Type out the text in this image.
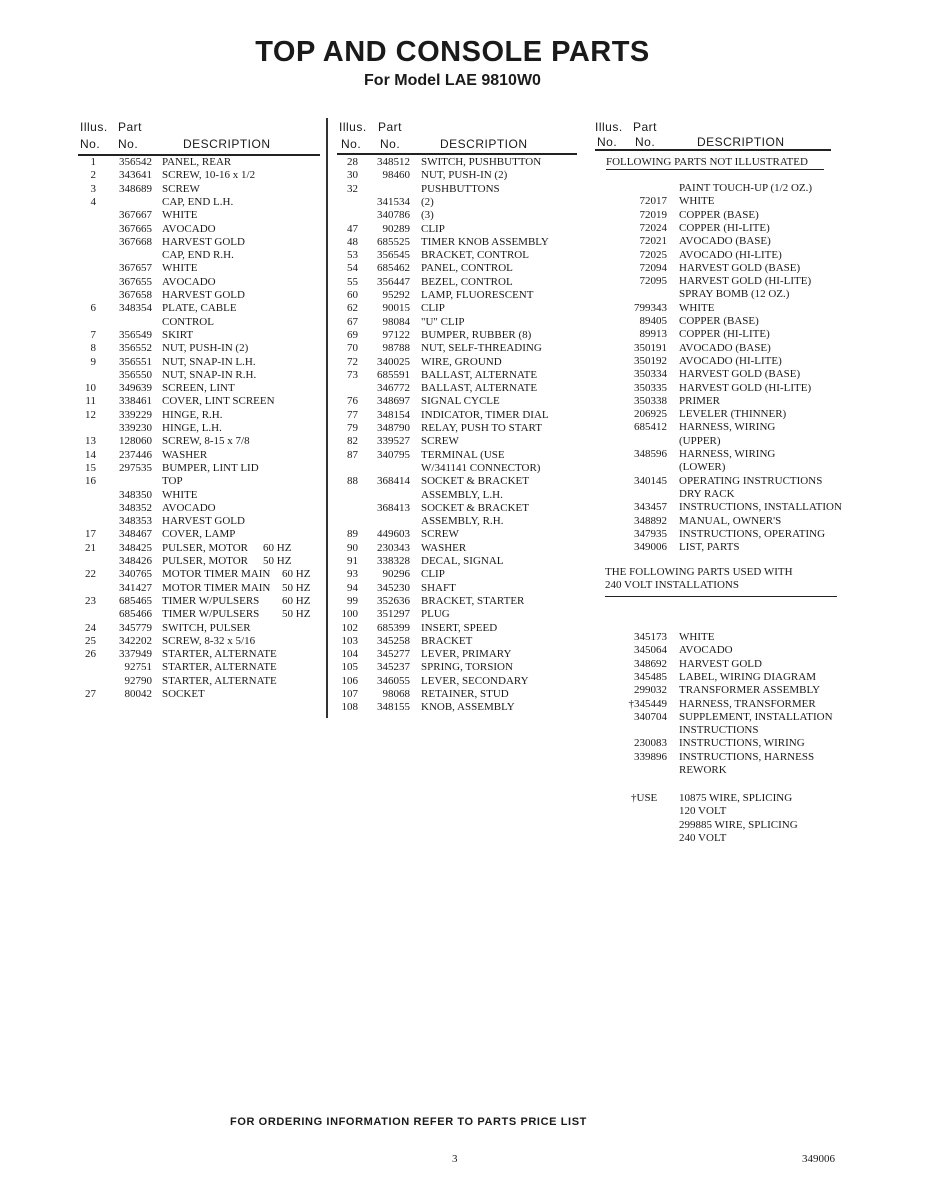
TOP AND CONSOLE PARTS
For Model LAE 9810W0
Illus. Part
No. No.	DESCRIPTION
Illus. Part
No. No.	DESCRIPTION
Illus. Part
No. No.	DESCRIPTION
FOLLOWING PARTS NOT ILLUSTRATED
THE FOLLOWING PARTS USED WITH
240 VOLT INSTALLATIONS
1	356542 PANEL, REAR
2	343641 SCREW, 10-16 x 1/2
3	348689 SCREW
4	CAP, END L.H.
367667 WHITE
367665 AVOCADO
367668 HARVEST GOLD
CAP, END R.H.
367657 WHITE
367655 AVOCADO
367658 HARVEST GOLD
6	348354 PLATE, CABLE
CONTROL
7	356549 SKIRT
8	356552 NUT, PUSH-IN (2)
9	356551 NUT, SNAP-IN L.H.
356550 NUT, SNAP-IN R.H.
10	349639 SCREEN, LINT
11	338461 COVER, LINT SCREEN
12	339229 HINGE, R.H.
339230 HINGE, L.H.
13	128060 SCREW, 8-15 x 7/8
14	237446 WASHER
15	297535 BUMPER, LINT LID
16	TOP
348350 WHITE
348352 AVOCADO
348353 HARVEST GOLD
17	348467 COVER, LAMP
21	348425 PULSER, MOTOR 60 HZ
348426 PULSER, MOTOR 50 HZ
22	340765 MOTOR TIMER MAIN 60 HZ
341427 MOTOR TIMER MAIN 50 HZ
23	685465 TIMER W/PULSERS 60 HZ
685466 TIMER W/PULSERS 50 HZ
24	345779 SWITCH, PULSER
25	342202 SCREW, 8-32 x 5/16
26	337949 STARTER, ALTERNATE
92751 STARTER, ALTERNATE
92790 STARTER, ALTERNATE
27	80042 SOCKET
28	348512 SWITCH, PUSHBUTTON
30	98460 NUT, PUSH-IN (2)
32	PUSHBUTTONS
341534 (2)
340786 (3)
47	90289 CLIP
48	685525 TIMER KNOB ASSEMBLY
53	356545 BRACKET, CONTROL
54	685462 PANEL, CONTROL
55	356447 BEZEL, CONTROL
60	95292 LAMP, FLUORESCENT
62	90015 CLIP
67	98084 "U" CLIP
69	97122 BUMPER, RUBBER (8)
70	98788 NUT, SELF-THREADING
72	340025 WIRE, GROUND
73	685591 BALLAST, ALTERNATE
346772 BALLAST, ALTERNATE
76	348697 SIGNAL CYCLE
77	348154 INDICATOR, TIMER DIAL
79	348790 RELAY, PUSH TO START
82	339527 SCREW
87	340795 TERMINAL (USE
W/341141 CONNECTOR)
88	368414 SOCKET & BRACKET
ASSEMBLY, L.H.
368413 SOCKET & BRACKET
ASSEMBLY, R.H.
89	449603 SCREW
90	230343 WASHER
91	338328 DECAL, SIGNAL
93	90296 CLIP
94	345230 SHAFT
99	352636 BRACKET, STARTER
100	351297 PLUG
102	685399 INSERT, SPEED
103	345258 BRACKET
104	345277 LEVER, PRIMARY
105	345237 SPRING, TORSION
106	346055 LEVER, SECONDARY
107	98068 RETAINER, STUD
108	348155 KNOB, ASSEMBLY
PAINT TOUCH-UP (1/2 OZ.)
72017 WHITE
72019 COPPER (BASE)
72024 COPPER (HI-LITE)
72021 AVOCADO (BASE)
72025 AVOCADO (HI-LITE)
72094 HARVEST GOLD (BASE)
72095 HARVEST GOLD (HI-LITE)
SPRAY BOMB (12 OZ.)
799343 WHITE
89405 COPPER (BASE)
89913 COPPER (HI-LITE)
350191 AVOCADO (BASE)
350192 AVOCADO (HI-LITE)
350334 HARVEST GOLD (BASE)
350335 HARVEST GOLD (HI-LITE)
350338 PRIMER
206925 LEVELER (THINNER)
685412 HARNESS, WIRING
(UPPER)
348596 HARNESS, WIRING
(LOWER)
340145 OPERATING INSTRUCTIONS
DRY RACK
343457 INSTRUCTIONS, INSTALLATION
348892 MANUAL, OWNER'S
347935 INSTRUCTIONS, OPERATING
349006 LIST, PARTS
345173 WHITE
345064 AVOCADO
348692 HARVEST GOLD
345485 LABEL, WIRING DIAGRAM
299032 TRANSFORMER ASSEMBLY
†345449 HARNESS, TRANSFORMER
340704 SUPPLEMENT, INSTALLATION
INSTRUCTIONS
230083 INSTRUCTIONS, WIRING
339896 INSTRUCTIONS, HARNESS
REWORK
†USE 10875 WIRE, SPLICING
120 VOLT
299885 WIRE, SPLICING
240 VOLT
FOR ORDERING INFORMATION REFER TO PARTS PRICE LIST
3	349006
